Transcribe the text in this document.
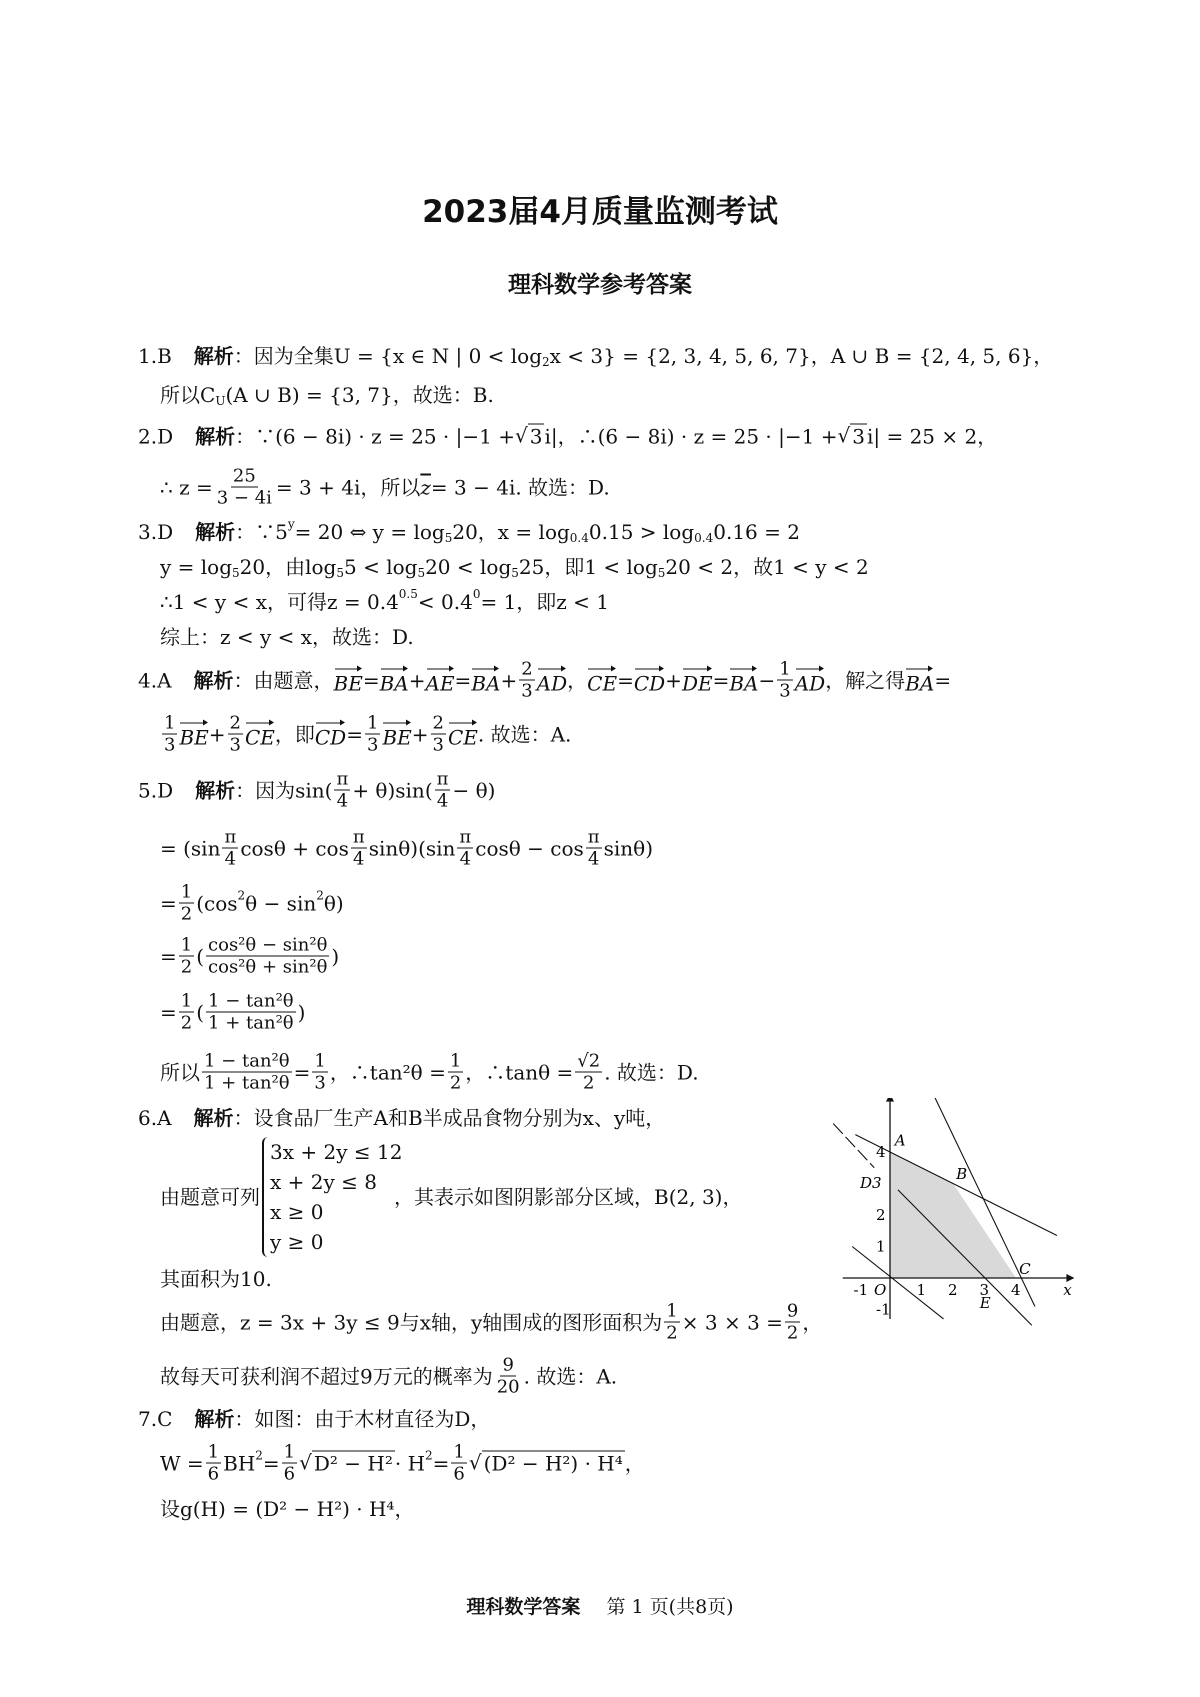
2023届4月质量监测考试
理科数学参考答案
1.B 解析 ：因为全集U = {x ∈ N | 0 < log 2 x < 3} = {2, 3, 4, 5, 6, 7}，A ∪ B = {2, 4, 5, 6}，
所以C U (A ∪ B) = {3, 7}，故选：B.
2.D 解析 ：∵(6 − 8i) · z = 25 · |−1 + √ 3 i|，∴(6 − 8i) · z = 25 · |−1 + √ 3 i| = 25 × 2，
∴ $z = \frac{25}{3 - 4i} = 3 + 4i$，所以 $\overline{z} = 3 - 4i$. 故选：D.
3.D 解析 ：∵5 y = 20 ⇔ y = log 5 20，x = log 0.4 0.15 > log 0.4 0.16 = 2
y = log 5 20，由log 5 5 < log 5 20 < log 5 25，即1 < log 5 20 < 2，故1 < y < 2
∴1 < y < x，可得z = 0.4 0.5 < 0.4 0 = 1，即z < 1
综上：z < y < x，故选：D.
4.A 解析 ：由题意， BE = BA + AE = BA + $\frac{2}{3}$ AD ， CE = CD + DE = BA − $\frac{1}{3}$ AD ，解之得 BA =
$\frac{1}{3}$ BE + $\frac{2}{3}$ CE ，即 CD = $\frac{1}{3}$ BE + $\frac{2}{3}$ CE . 故选：A.
5.D 解析 ：因为$\sin( \frac{\pi}{4} + \theta)\sin( \frac{\pi}{4} - \theta)$
= ($\sin \frac{\pi}{4}$ $\cos\theta + \cos \frac{\pi}{4} \sin\theta)(\sin \frac{\pi}{4}$ $\cos\theta - \cos \frac{\pi}{4} \sin\theta$)
= $\frac{1}{2} (\cos$ 2 θ − sin 2 θ)
= $\frac{1}{2}$ ( $\frac{\text{cos²θ − sin²θ}}{\text{cos²θ + sin²θ}}$ )
= $\frac{1}{2}$ ( $\frac{\text{1 − tan²θ}}{\text{1 + tan²θ}}$ )
所以 $\frac{\text{1 − tan²θ}}{\text{1 + tan²θ}} = \frac{1}{3}$ ，∴tan²θ = $\frac{1}{2}$ ，∴tanθ = $\frac{√2}{2}$ . 故选：D.
6.A 解析 ：设食品厂生产A和B半成品食物分别为x、y吨，
由题意可列
3x + 2y ≤ 12
x + 2y ≤ 8
x ≥ 0
y ≥ 0
，其表示如图阴影部分区域，B(2, 3)，
其面积为10.
由题意，z = 3x + 3y ≤ 9与x轴，y轴围成的图形面积为 $\frac{1}{2} \times 3 \times 3 = \frac{9}{2}$ ，
故每天可获利润不超过9万元的概率为 $\frac{9}{20}$ . 故选：A.
7.C 解析 ：如图：由于木材直径为D，
$W = \frac{1}{6}$ BH $2 = \frac{1}{6}$ √ D² − H² · H $2 = \frac{1}{6}$ √ (D² − H²) · H⁴ ，
设g(H) = (D² − H²) · H⁴，
-1	1 2 3 4
4
2
1
-1
A
B
C
D3
E
O	x
理科数学答案 第 1 页(共8页)
